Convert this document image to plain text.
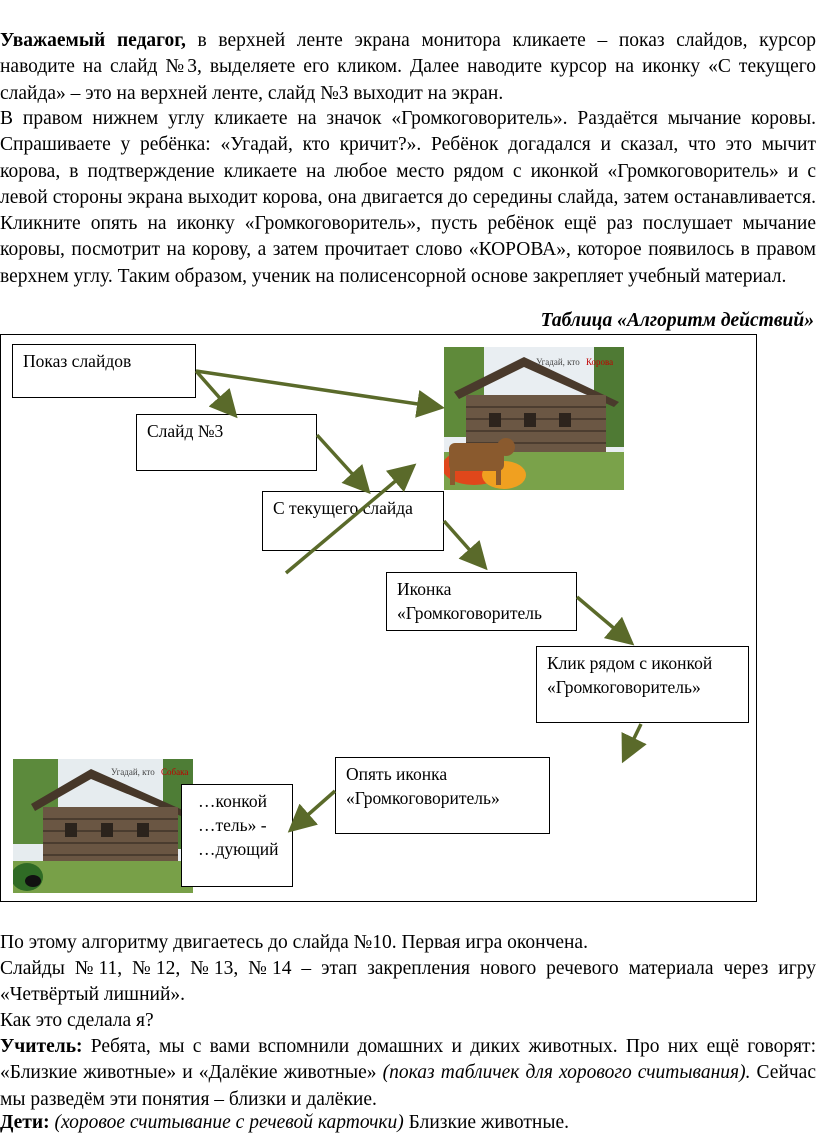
Уважаемый педагог, в верхней ленте экрана монитора кликаете – показ слайдов, курсор наводите на слайд №3, выделяете его кликом. Далее наводите курсор на иконку «С текущего слайда» – это на верхней ленте, слайд №3 выходит на экран.

В правом нижнем углу кликаете на значок «Громкоговоритель». Раздаётся мычание коровы. Спрашиваете у ребёнка: «Угадай, кто кричит?». Ребёнок догадался и сказал, что это мычит корова, в подтверждение кликаете на любое место рядом с иконкой «Громкоговоритель» и с левой стороны экрана выходит корова, она двигается до середины слайда, затем останавливается. Кликните опять на иконку «Громкоговоритель», пусть ребёнок ещё раз послушает мычание коровы, посмотрит на корову, а затем прочитает слово «КОРОВА», которое появилось в правом верхнем углу. Таким образом, ученик на полисенсорной основе закрепляет учебный материал.

Таблица «Алгоритм действий»
Угадай, кто Корова
Угадай, кто Собака
Показ слайдов
Слайд №3
С текущего слайда
Иконка «Громкоговоритель
Клик рядом с иконкой «Громкоговоритель»
Опять иконка «Громкоговоритель»
…конкой …тель» - …дующий

По этому алгоритму двигаетесь до слайда №10. Первая игра окончена.

Слайды №11, №12, №13, №14 – этап закрепления нового речевого материала через игру «Четвёртый лишний».

Как это сделала я?

Учитель: Ребята, мы с вами вспомнили домашних и диких животных. Про них ещё говорят: «Близкие животные» и «Далёкие животные» (показ табличек для хорового считывания). Сейчас мы разведём эти понятия – близки и далёкие.

Дети: (хоровое считывание с речевой карточки) Близкие животные.
